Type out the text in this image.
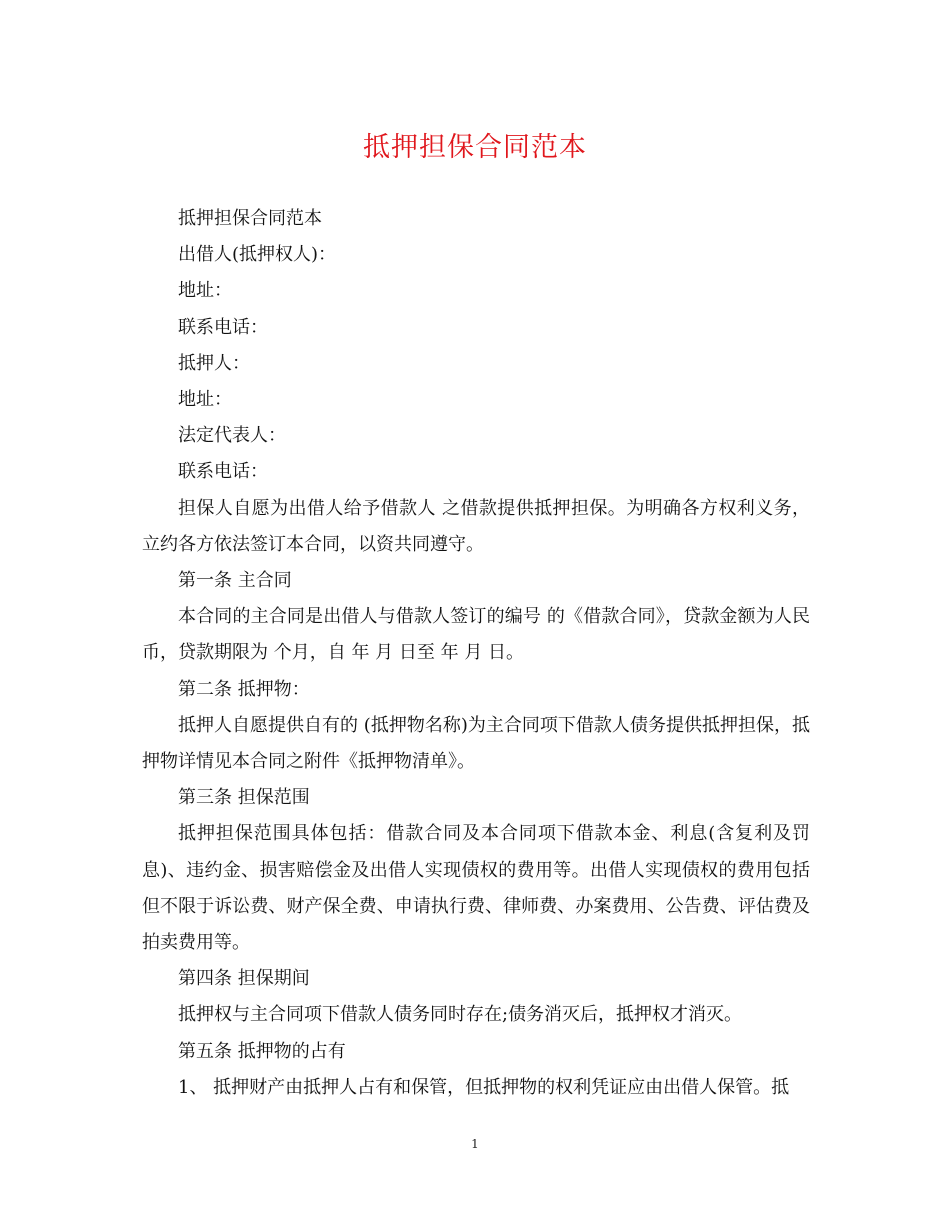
抵押担保合同范本

抵押担保合同范本

出借人(抵押权人)：

地址：

联系电话：

抵押人：

地址：

法定代表人：

联系电话：

担保人自愿为出借人给予借款人 之借款提供抵押担保。为明确各方权利义务，立约各方依法签订本合同，以资共同遵守。

第一条 主合同

本合同的主合同是出借人与借款人签订的编号 的《借款合同》，贷款金额为人民币，贷款期限为 个月，自 年 月 日至 年 月 日。

第二条 抵押物：

抵押人自愿提供自有的 (抵押物名称)为主合同项下借款人债务提供抵押担保，抵押物详情见本合同之附件《抵押物清单》。

第三条 担保范围

抵押担保范围具体包括：借款合同及本合同项下借款本金、利息(含复利及罚息)、违约金、损害赔偿金及出借人实现债权的费用等。出借人实现债权的费用包括但不限于诉讼费、财产保全费、申请执行费、律师费、办案费用、公告费、评估费及拍卖费用等。

第四条 担保期间

抵押权与主合同项下借款人债务同时存在;债务消灭后，抵押权才消灭。

第五条 抵押物的占有

1、 抵押财产由抵押人占有和保管，但抵押物的权利凭证应由出借人保管。抵

1
